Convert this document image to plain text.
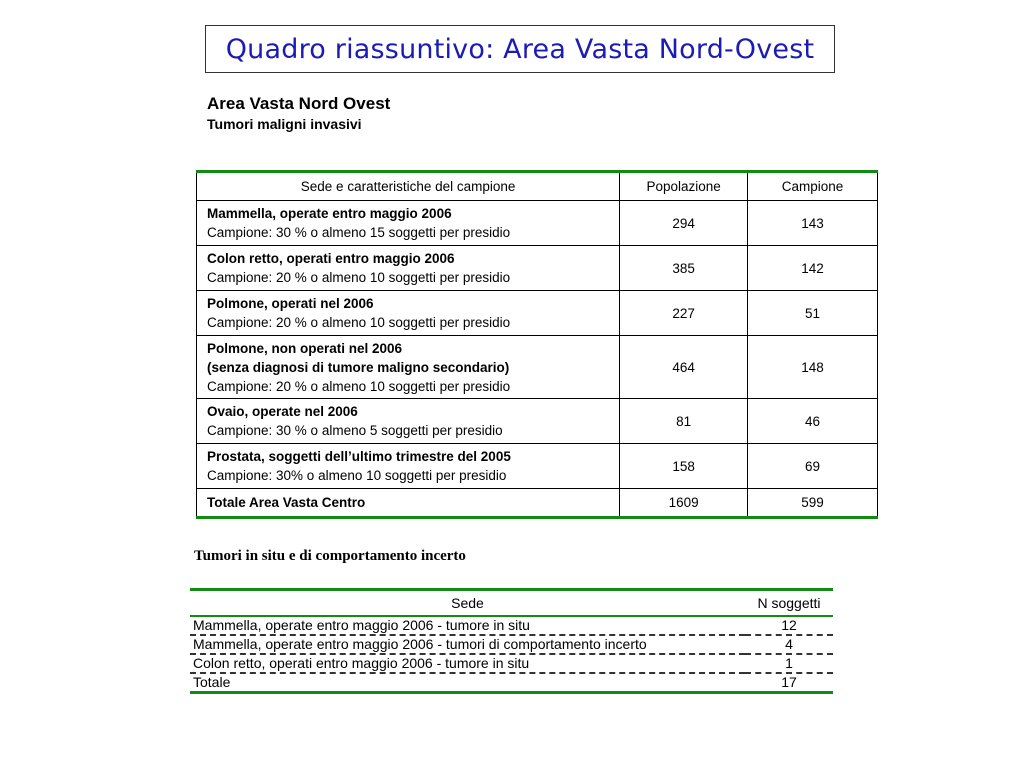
Quadro riassuntivo: Area Vasta Nord-Ovest
Area Vasta Nord Ovest
Tumori maligni invasivi
Sede e caratteristiche del campione	Popolazione	Campione

Mammella, operate entro maggio 2006
Campione: 30 % o almeno 15 soggetti per presidio	294	143

Colon retto, operati entro maggio 2006
Campione: 20 % o almeno 10 soggetti per presidio	385	142

Polmone, operati nel 2006
Campione: 20 % o almeno 10 soggetti per presidio	227	51

Polmone, non operati nel 2006
(senza diagnosi di tumore maligno secondario)
Campione: 20 % o almeno 10 soggetti per presidio	464	148

Ovaio, operate nel 2006
Campione: 30 % o almeno 5 soggetti per presidio	81	46

Prostata, soggetti dell’ultimo trimestre del 2005
Campione: 30% o almeno 10 soggetti per presidio	158	69
Totale Area Vasta Centro	1609	599
Tumori in situ e di comportamento incerto
Sede	N soggetti
Mammella, operate entro maggio 2006 - tumore in situ	12
Mammella, operate entro maggio 2006 - tumori di comportamento incerto	4
Colon retto, operati entro maggio 2006 - tumore in situ	1
Totale	17
